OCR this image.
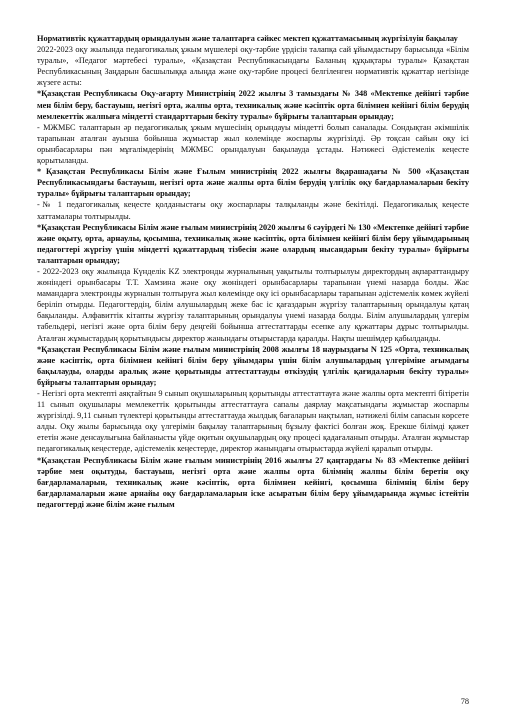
Нормативтік құжаттардың орындалуын және талаптарға сәйкес мектеп құжаттамасының жүргізілуін бақылау

2022-2023 оқу жылында педагогикалық ұжым мүшелері оқу-тәрбие үрдісін талапқа сай ұйымдастыру барысында «Білім туралы», «Педагог мәртебесі туралы», «Қазақстан Республикасындағы Баланың құқықтары туралы» Қазақстан Республикасының Заңдарын басшылыққа алыңда және оқу-тәрбие процесі белгіленген нормативтік құжаттар негізінде жүзеге асты:

*Қазақстан Республикасы Оқу-ағарту Министрінің 2022 жылғы 3 тамыздағы № 348 «Мектепке дейінгі тәрбие мен білім беру, бастауыш, негізгі орта, жалпы орта, техникалық және кәсіптік орта білімнен кейінгі білім берудің мемлекеттік жалпыға міндетті стандарттарын бекіту туралы» бұйрығы талаптарын орындау;

- МЖМБС талаптарын әр педагогикалық ұжым мүшесінің орындауы міндетті болып саналады. Сондықтан әкімшілік тарапынан аталған ауызша бойынша жұмыстар жыл көлемінде жоспарлы жүргізілді. Әр тоқсан сайын оқу ісі орынбасарлары пән мұғалімдерінің МЖМБС орындалуын бақылауда ұстады. Нәтижесі Әдістемелік кеңесте қорытыланды.

* Қазақстан Республикасы Білім және Ғылым министрінің 2022 жылғы 8қарашадағы № 500 «Қазақстан Республикасындағы бастауыш, негізгі орта және жалпы орта білім берудің үлгілік оқу бағдарламаларын бекіту туралы» бұйрығы талаптарын орындау;

-№ 1 педагогикалық кеңесте қолданыстағы оқу жоспарлары талқыланды және бекітілді. Педагогикалық кеңесте хаттамалары толтырылды.

*Қазақстан Республикасы Білім және ғылым министрінің 2020 жылғы 6 сәуірдегі № 130 «Мектепке дейінгі тәрбие және оқыту, орта, арнаулы, қосымша, техникалық және кәсіптік, орта білімнен кейінгі білім беру ұйымдарының педагогтері жүргізу үшін міндетті құжаттардың тізбесін және олардың нысандарын бекіту туралы» бұйрығы талаптарын орындау;

- 2022-2023 оқу жылында Күнделік KZ электронды журналының уақытылы толтырылуы директордың ақпараттандыру жөніндегі орынбасары Т.Т. Хамзина және оқу жөніндегі орынбасарлары тарапынан үнемі назарда болды. Жас мамандарға электронды журналын толтыруға жыл көлемінде оқу ісі орынбасарлары тарапынан әдістемелік көмек жүйелі беріліп отырды. Педагогтердің, білім алушылардың жеке бас іс қағаздарын жүргізу талаптарының орындалуы қатаң бақыланды. Алфавиттік кітапты жүргізу талаптарының орындалуы үнемі назарда болды. Білім алушылардың үлгерім табельдері, негізгі және орта білім беру деңгейі бойынша аттестаттарды есепке алу құжаттары дұрыс толтырылды. Аталған жұмыстардың қорытындысы директор жанындағы отырыстарда қаралды. Нақты шешімдер қабылданды.

*Қазақстан Республикасы Білім және ғылым министрінің 2008 жылғы 18 наурыздағы N 125 «Орта, техникалық және кәсіптік, орта білімнен кейінгі білім беру ұйымдары үшін білім алушылардың үлгеріміне ағымдағы бақылауды, оларды аралық және қорытынды аттестаттауды өткізудің үлгілік қағидаларын бекіту туралы» бұйрығы талаптарын орындау;

- Негізгі орта мектепті аяқтайтын 9 сынып оқушыларының қорытынды аттестаттауға және жалпы орта мектепті бітіретін 11 сынып оқушылары мемлекеттік қорытынды аттестаттауға сапалы даярлау мақсатындағы жұмыстар жоспарлы жүргізілді. 9,11 сынып түлектері қорытынды аттестаттауда жылдық бағаларын нақтылап, нәтижелі білім сапасын көрсете алды. Оқу жылы барысында оқу үлгерімін бақылау талаптарының бұзылу фактісі болған жоқ. Ерекше білімді қажет ететін және денсаулығына байланысты үйде оқитын оқушылардың оқу процесі қадағаланып отырды. Аталған жұмыстар педагогикалық кеңестерде, әдістемелік кеңестерде, директор жанындағы отырыстарда жүйелі қаралып отырды.

*Қазақстан Республикасы Білім және ғылым министрінің 2016 жылғы 27 қаңтардағы № 83 «Мектепке дейінгі тәрбие мен оқытуды, бастауыш, негізгі орта және жалпы орта білімнің жалпы білім беретін оқу бағдарламаларын, техникалық және кәсіптік, орта білімнен кейінгі, қосымша білімнің білім беру бағдарламаларын және арнайы оқу бағдарламаларын іске асыратын білім беру ұйымдарында жұмыс істейтін педагогтерді және білім және ғылым

78
